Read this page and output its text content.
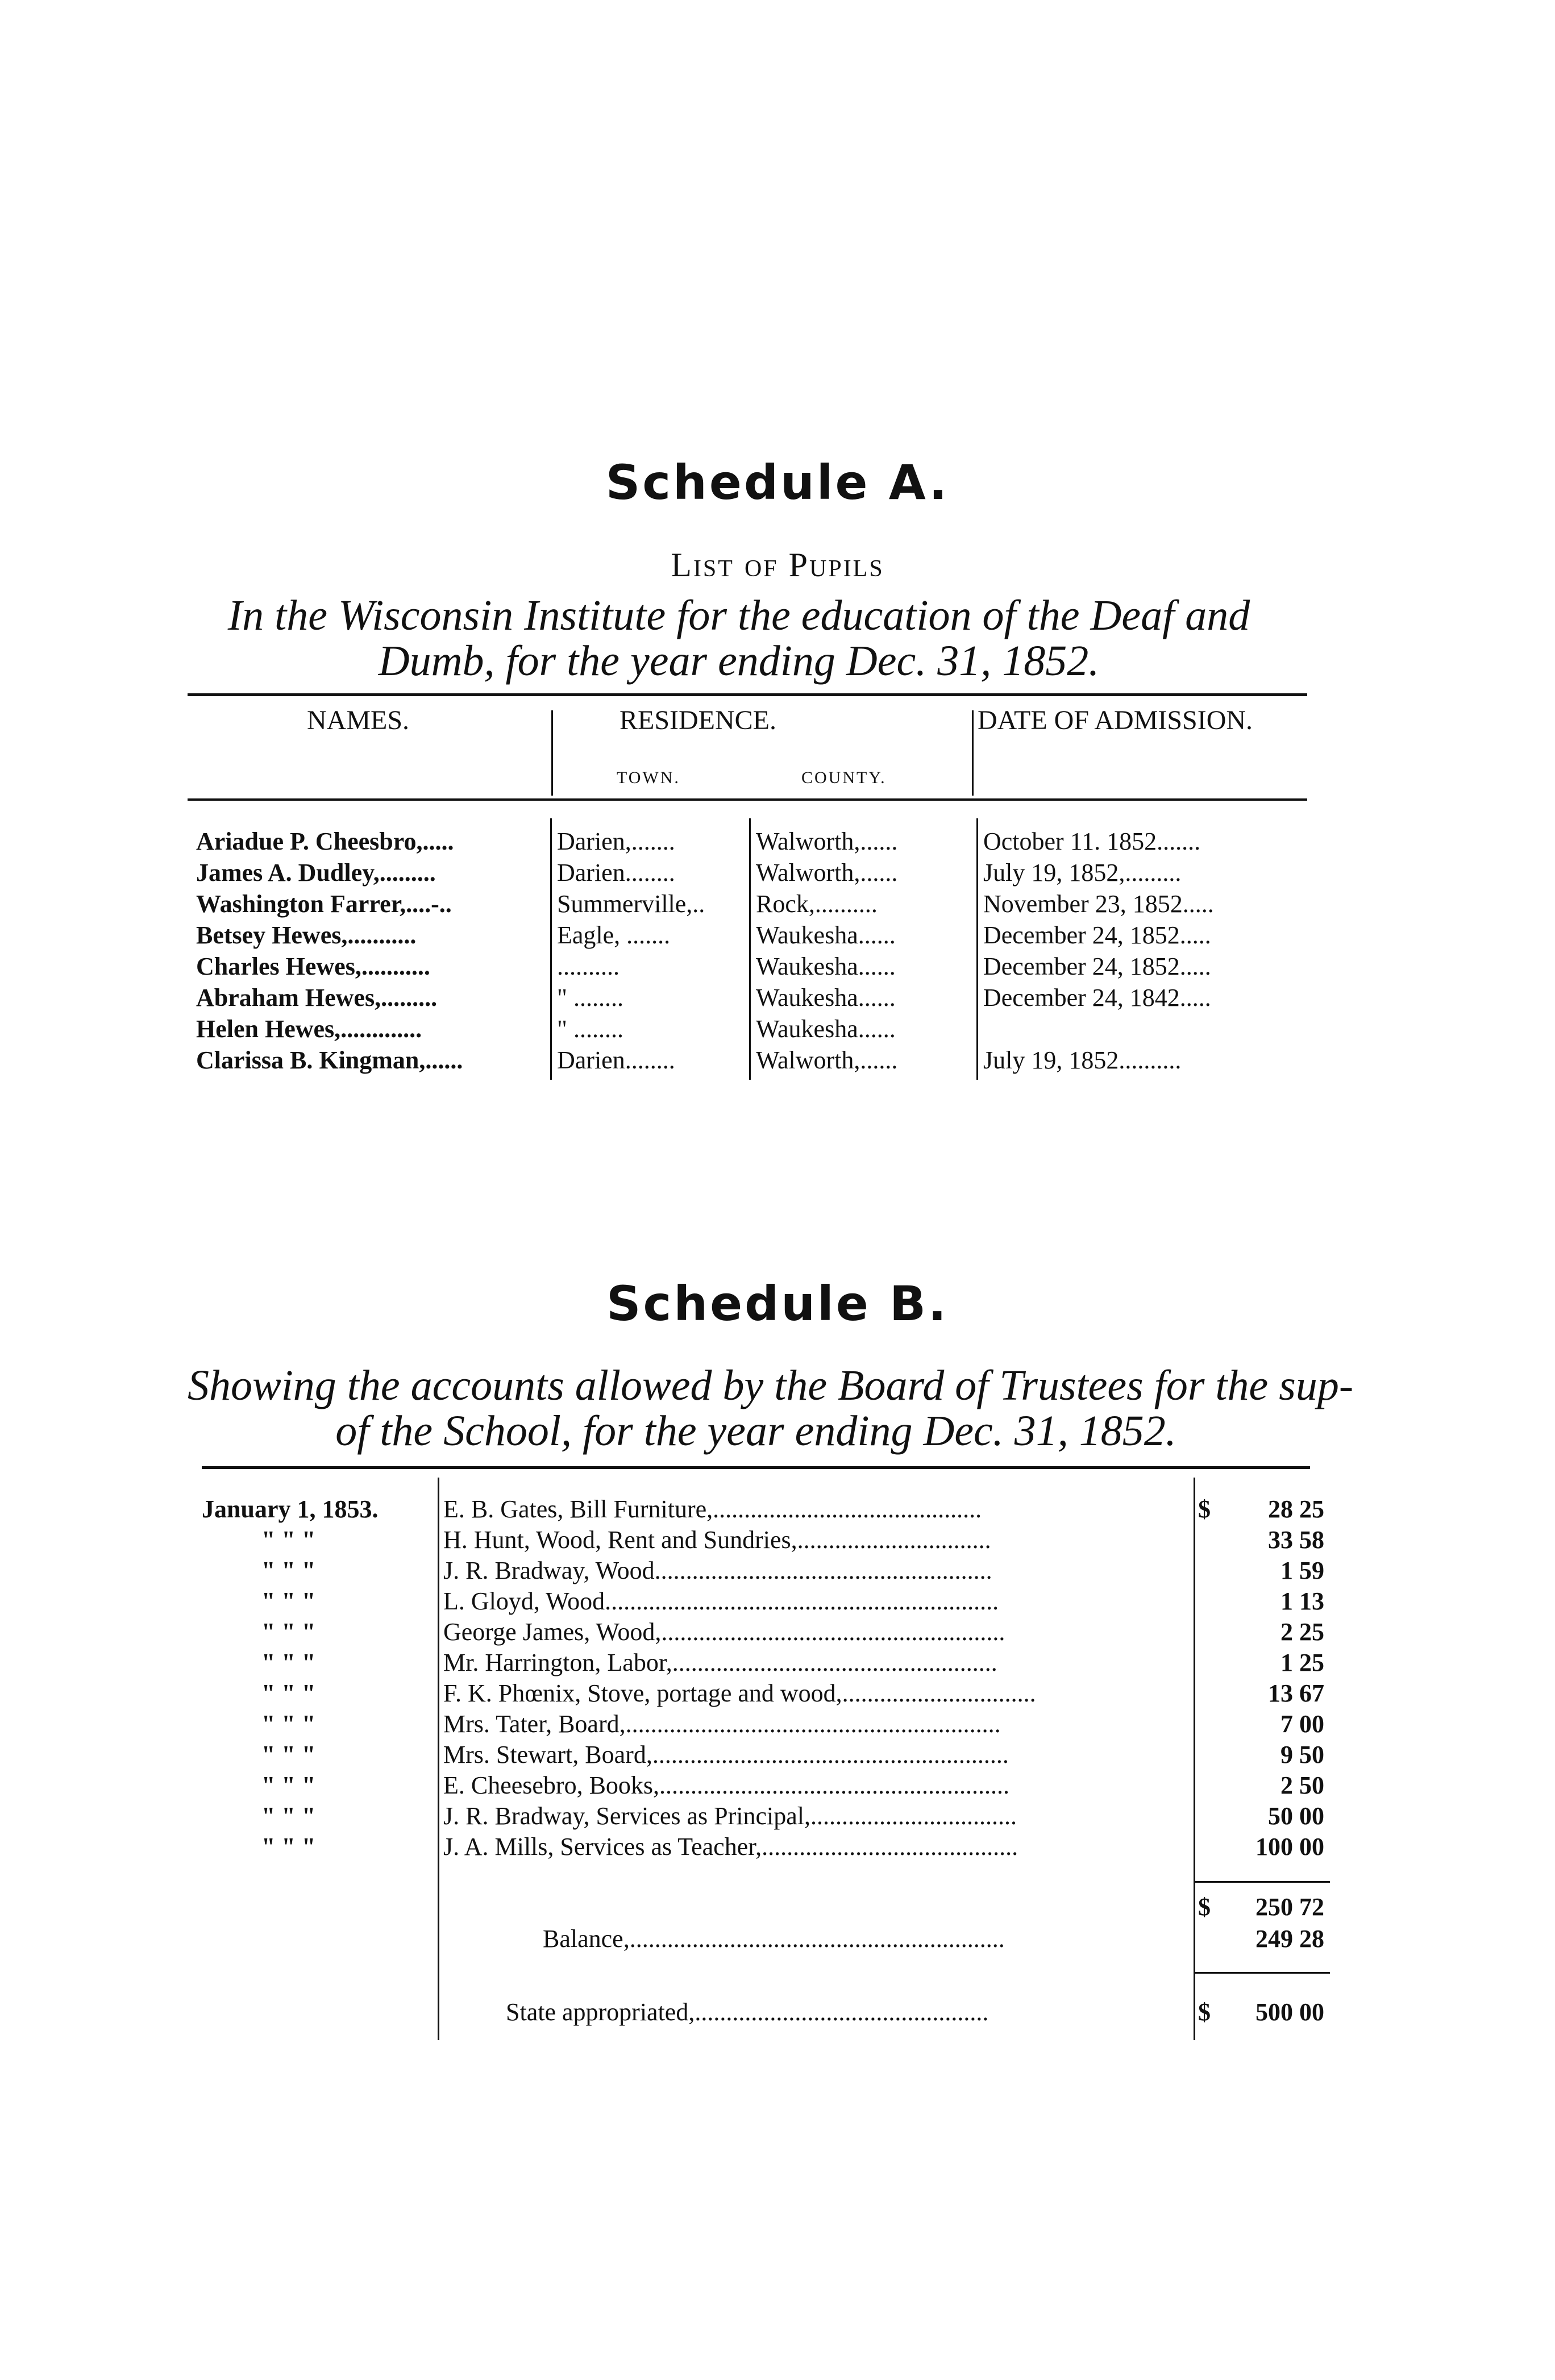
Schedule A.
List of Pupils
In the Wisconsin Institute for the education of the Deaf and
Dumb, for the year ending Dec. 31, 1852.
NAMES.	RESIDENCE.	DATE OF ADMISSION.
TOWN.	COUNTY.
Ariadue P. Cheesbro,.....	Darien,.......	Walworth,......	October 11. 1852.......
James A. Dudley,.........	Darien........	Walworth,......	July 19, 1852,.........
Washington Farrer,....-..	Summerville,..	Rock,..........	November 23, 1852.....
Betsey Hewes,...........	Eagle, .......	Waukesha......	December 24, 1852.....
Charles Hewes,...........	..........	Waukesha......	December 24, 1852.....
Abraham Hewes,.........	" ........	Waukesha......	December 24, 1842.....
Helen Hewes,.............	" ........	Waukesha......
Clarissa B. Kingman,......	Darien........	Walworth,......	July 19, 1852..........
Schedule B.
Showing the accounts allowed by the Board of Trustees for the sup-
of the School, for the year ending Dec. 31, 1852.
January 1, 1853.	E. B. Gates, Bill Furniture,...........................................	$	28 25
" " "	H. Hunt, Wood, Rent and Sundries,...............................	33 58
" " "	J. R. Bradway, Wood......................................................	1 59
" " "	L. Gloyd, Wood...............................................................	1 13
" " "	George James, Wood,.......................................................	2 25
" " "	Mr. Harrington, Labor,....................................................	1 25
" " "	F. K. Phœnix, Stove, portage and wood,...............................	13 67
" " "	Mrs. Tater, Board,............................................................	7 00
" " "	Mrs. Stewart, Board,.........................................................	9 50
" " "	E. Cheesebro, Books,........................................................	2 50
" " "	J. R. Bradway, Services as Principal,.................................	50 00
" " "	J. A. Mills, Services as Teacher,.........................................	100 00
$	250 72
Balance,............................................................	249 28
State appropriated,...............................................	$	500 00
